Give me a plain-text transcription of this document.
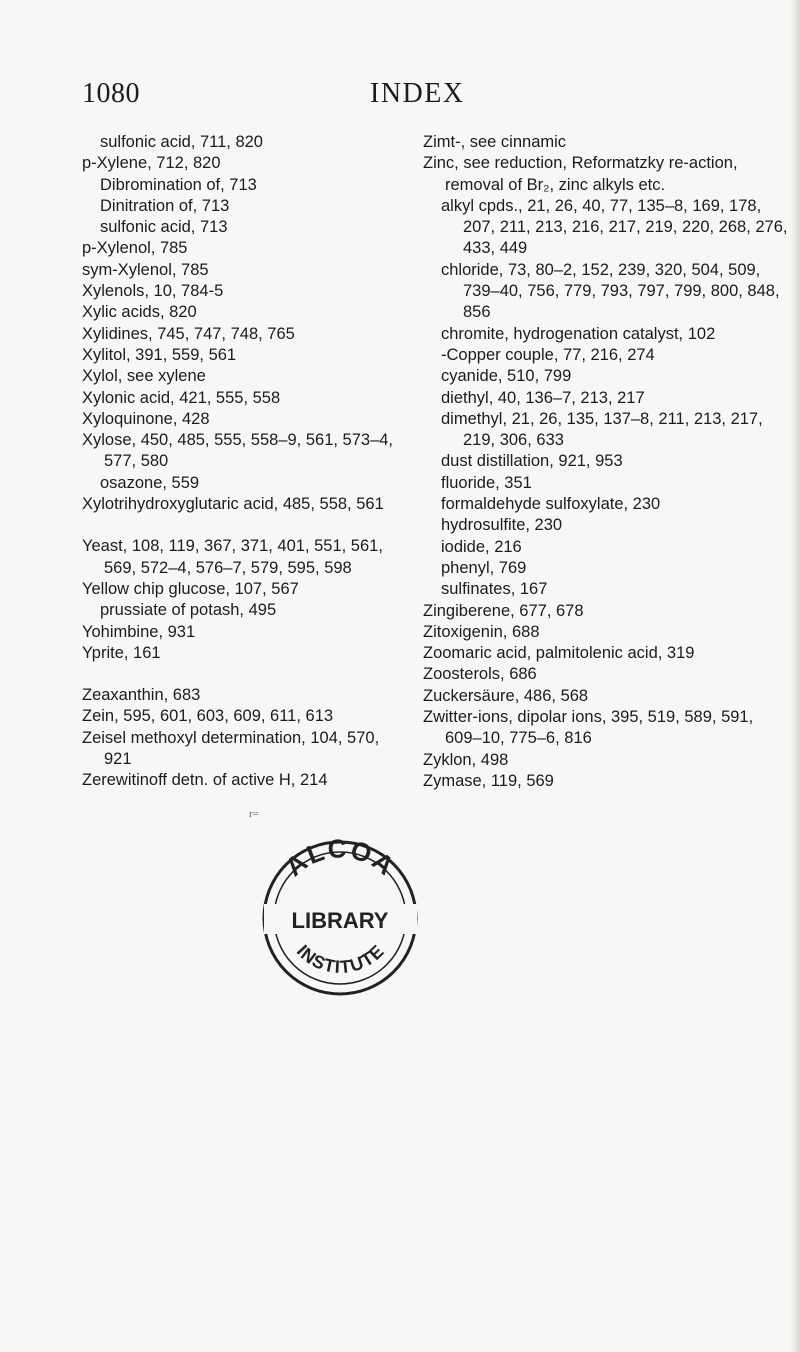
1080	INDEX
sulfonic acid, 711, 820
p-Xylene, 712, 820
Dibromination of, 713
Dinitration of, 713
sulfonic acid, 713
p-Xylenol, 785
sym-Xylenol, 785
Xylenols, 10, 784-5
Xylic acids, 820
Xylidines, 745, 747, 748, 765
Xylitol, 391, 559, 561
Xylol, see xylene
Xylonic acid, 421, 555, 558
Xyloquinone, 428
Xylose, 450, 485, 555, 558–9, 561, 573–4, 577, 580
osazone, 559
Xylotrihydroxyglutaric acid, 485, 558, 561
Yeast, 108, 119, 367, 371, 401, 551, 561, 569, 572–4, 576–7, 579, 595, 598
Yellow chip glucose, 107, 567
prussiate of potash, 495
Yohimbine, 931
Yprite, 161
Zeaxanthin, 683
Zein, 595, 601, 603, 609, 611, 613
Zeisel methoxyl determination, 104, 570, 921
Zerewitinoff detn. of active H, 214
Zimt-, see cinnamic
Zinc, see reduction, Reformatzky re-action, removal of Br₂, zinc alkyls etc.
alkyl cpds., 21, 26, 40, 77, 135–8, 169, 178, 207, 211, 213, 216, 217, 219, 220, 268, 276, 433, 449
chloride, 73, 80–2, 152, 239, 320, 504, 509, 739–40, 756, 779, 793, 797, 799, 800, 848, 856
chromite, hydrogenation catalyst, 102
-Copper couple, 77, 216, 274
cyanide, 510, 799
diethyl, 40, 136–7, 213, 217
dimethyl, 21, 26, 135, 137–8, 211, 213, 217, 219, 306, 633
dust distillation, 921, 953
fluoride, 351
formaldehyde sulfoxylate, 230
hydrosulfite, 230
iodide, 216
phenyl, 769
sulfinates, 167
Zingiberene, 677, 678
Zitoxigenin, 688
Zoomaric acid, palmitolenic acid, 319
Zoosterols, 686
Zuckersäure, 486, 568
Zwitter-ions, dipolar ions, 395, 519, 589, 591, 609–10, 775–6, 816
Zyklon, 498
Zymase, 119, 569
r=
ALCOA
LIBRARY
INSTITUTE
